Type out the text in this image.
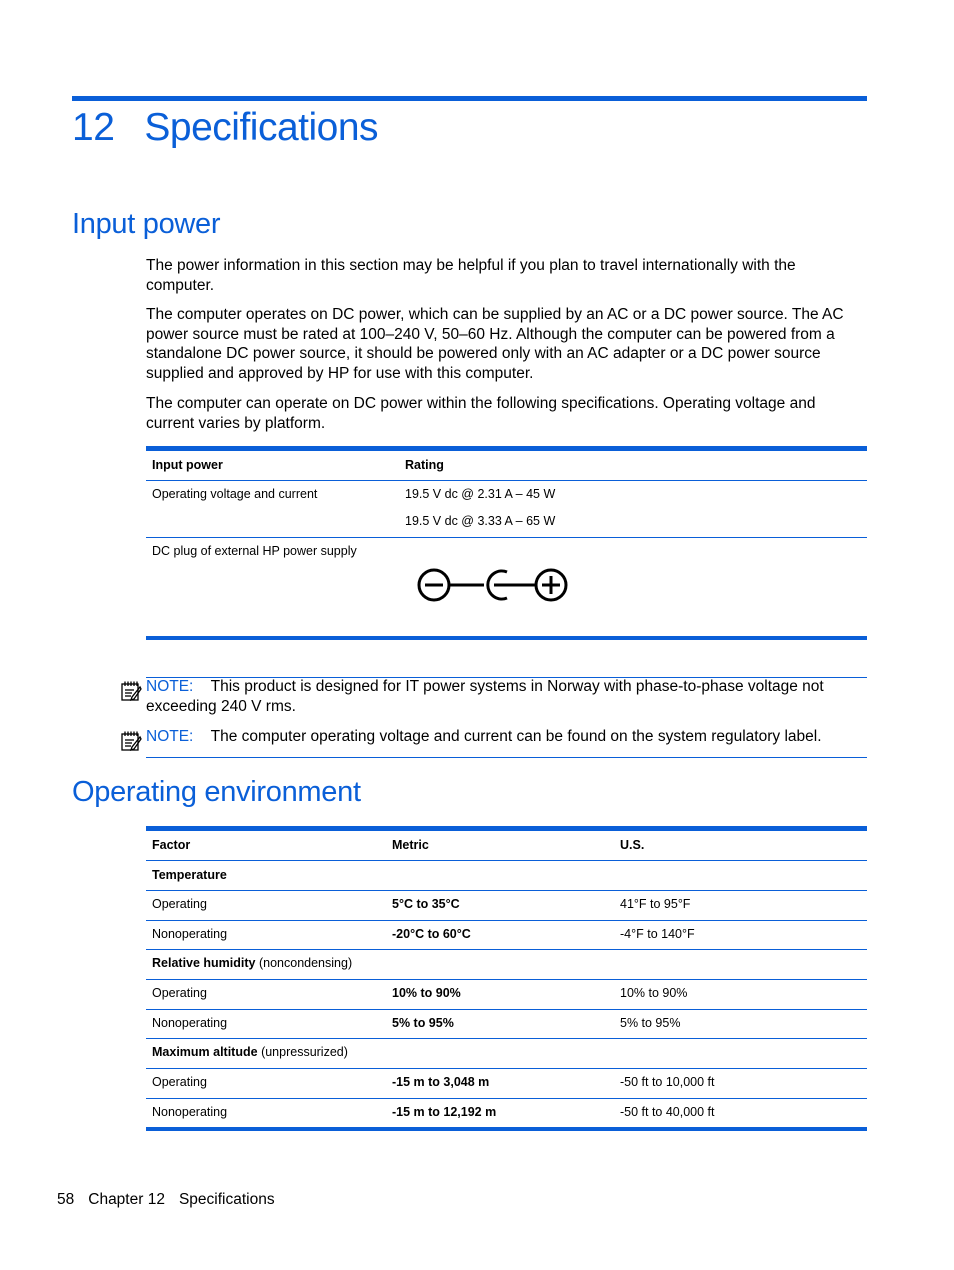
12 Specifications
Input power
The power information in this section may be helpful if you plan to travel internationally with the computer.
The computer operates on DC power, which can be supplied by an AC or a DC power source. The AC power source must be rated at 100–240 V, 50–60 Hz. Although the computer can be powered from a standalone DC power source, it should be powered only with an AC adapter or a DC power source supplied and approved by HP for use with this computer.
The computer can operate on DC power within the following specifications. Operating voltage and current varies by platform.
Input power	Rating
Operating voltage and current	19.5 V dc @ 2.31 A – 45 W
19.5 V dc @ 3.33 A – 65 W
DC plug of external HP power supply
NOTE: This product is designed for IT power systems in Norway with phase-to-phase voltage not exceeding 240 V rms.
NOTE: The computer operating voltage and current can be found on the system regulatory label.
Operating environment
Factor	Metric	U.S.
Temperature
Operating	5°C to 35°C	41°F to 95°F
Nonoperating	-20°C to 60°C	-4°F to 140°F
Relative humidity (noncondensing)
Operating	10% to 90%	10% to 90%
Nonoperating	5% to 95%	5% to 95%
Maximum altitude (unpressurized)
Operating	-15 m to 3,048 m	-50 ft to 10,000 ft
Nonoperating	-15 m to 12,192 m	-50 ft to 40,000 ft
58 Chapter 12 Specifications
